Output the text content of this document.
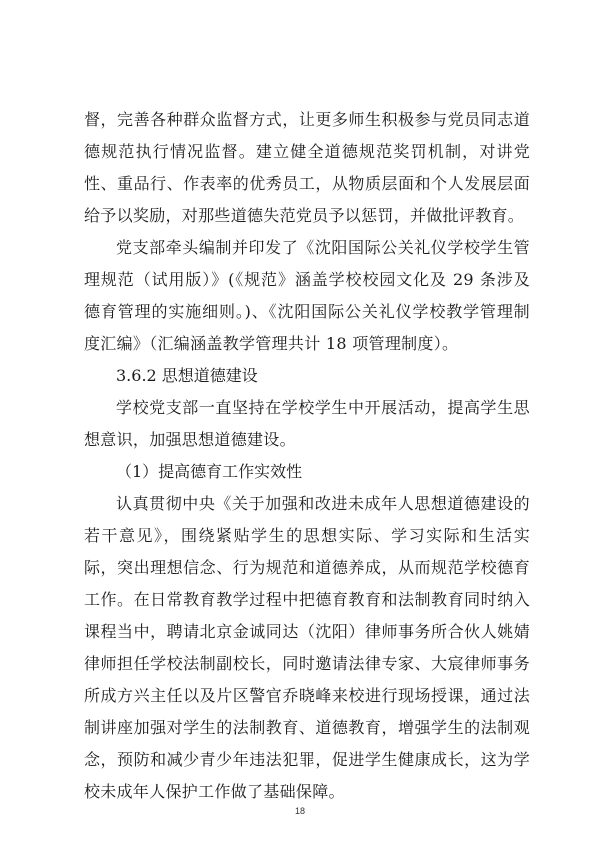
督，完善各种群众监督方式，让更多师生积极参与党员同志道德规范执行情况监督。建立健全道德规范奖罚机制，对讲党性、重品行、作表率的优秀员工，从物质层面和个人发展层面给予以奖励，对那些道德失范党员予以惩罚，并做批评教育。

党支部牵头编制并印发了《沈阳国际公关礼仪学校学生管理规范（试用版）》(《规范》涵盖学校校园文化及 29 条涉及德育管理的实施细则。)、《沈阳国际公关礼仪学校教学管理制度汇编》（汇编涵盖教学管理共计 18 项管理制度）。

3.6.2 思想道德建设

学校党支部一直坚持在学校学生中开展活动，提高学生思想意识，加强思想道德建设。

（1）提高德育工作实效性

认真贯彻中央《关于加强和改进未成年人思想道德建设的若干意见》，围绕紧贴学生的思想实际、学习实际和生活实际，突出理想信念、行为规范和道德养成，从而规范学校德育工作。在日常教育教学过程中把德育教育和法制教育同时纳入课程当中，聘请北京金诚同达（沈阳）律师事务所合伙人姚婧律师担任学校法制副校长，同时邀请法律专家、大宸律师事务所成方兴主任以及片区警官乔晓峰来校进行现场授课，通过法制讲座加强对学生的法制教育、道德教育，增强学生的法制观念，预防和减少青少年违法犯罪，促进学生健康成长，这为学校未成年人保护工作做了基础保障。

18
